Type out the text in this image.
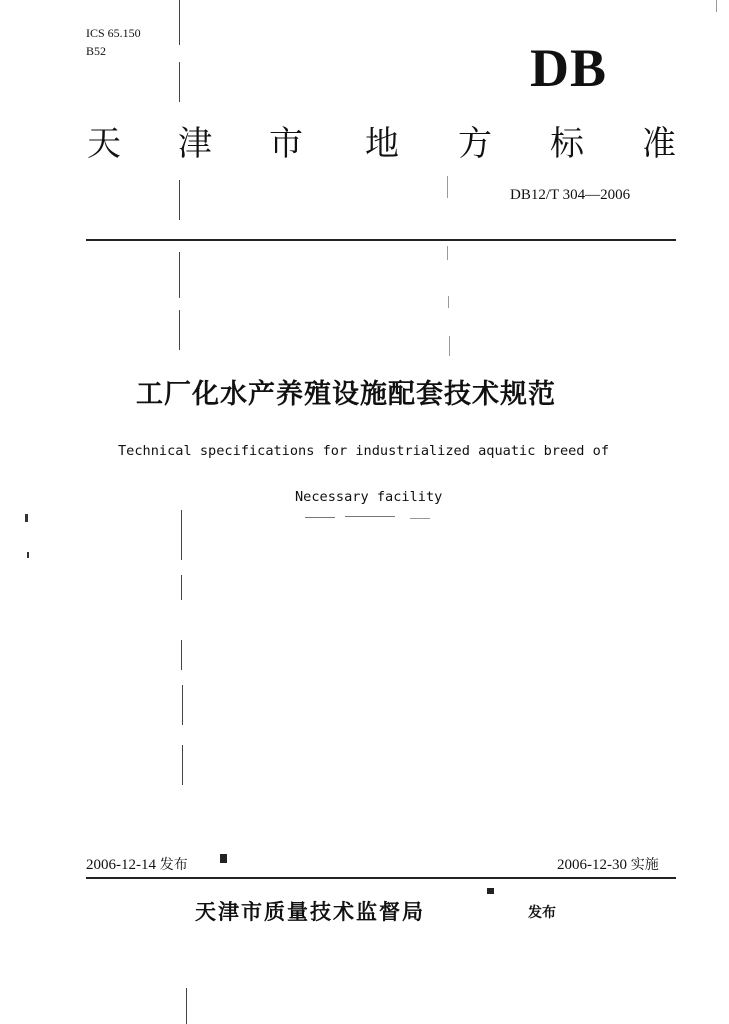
ICS 65.150
B52	DB
天 津 市 地 方 标 准
DB12/T 304—2006
工厂化水产养殖设施配套技术规范
Technical specifications for industrialized aquatic breed of
Necessary facility
2006-12-14 发布	2006-12-30 实施
天津市质量技术监督局	发布
